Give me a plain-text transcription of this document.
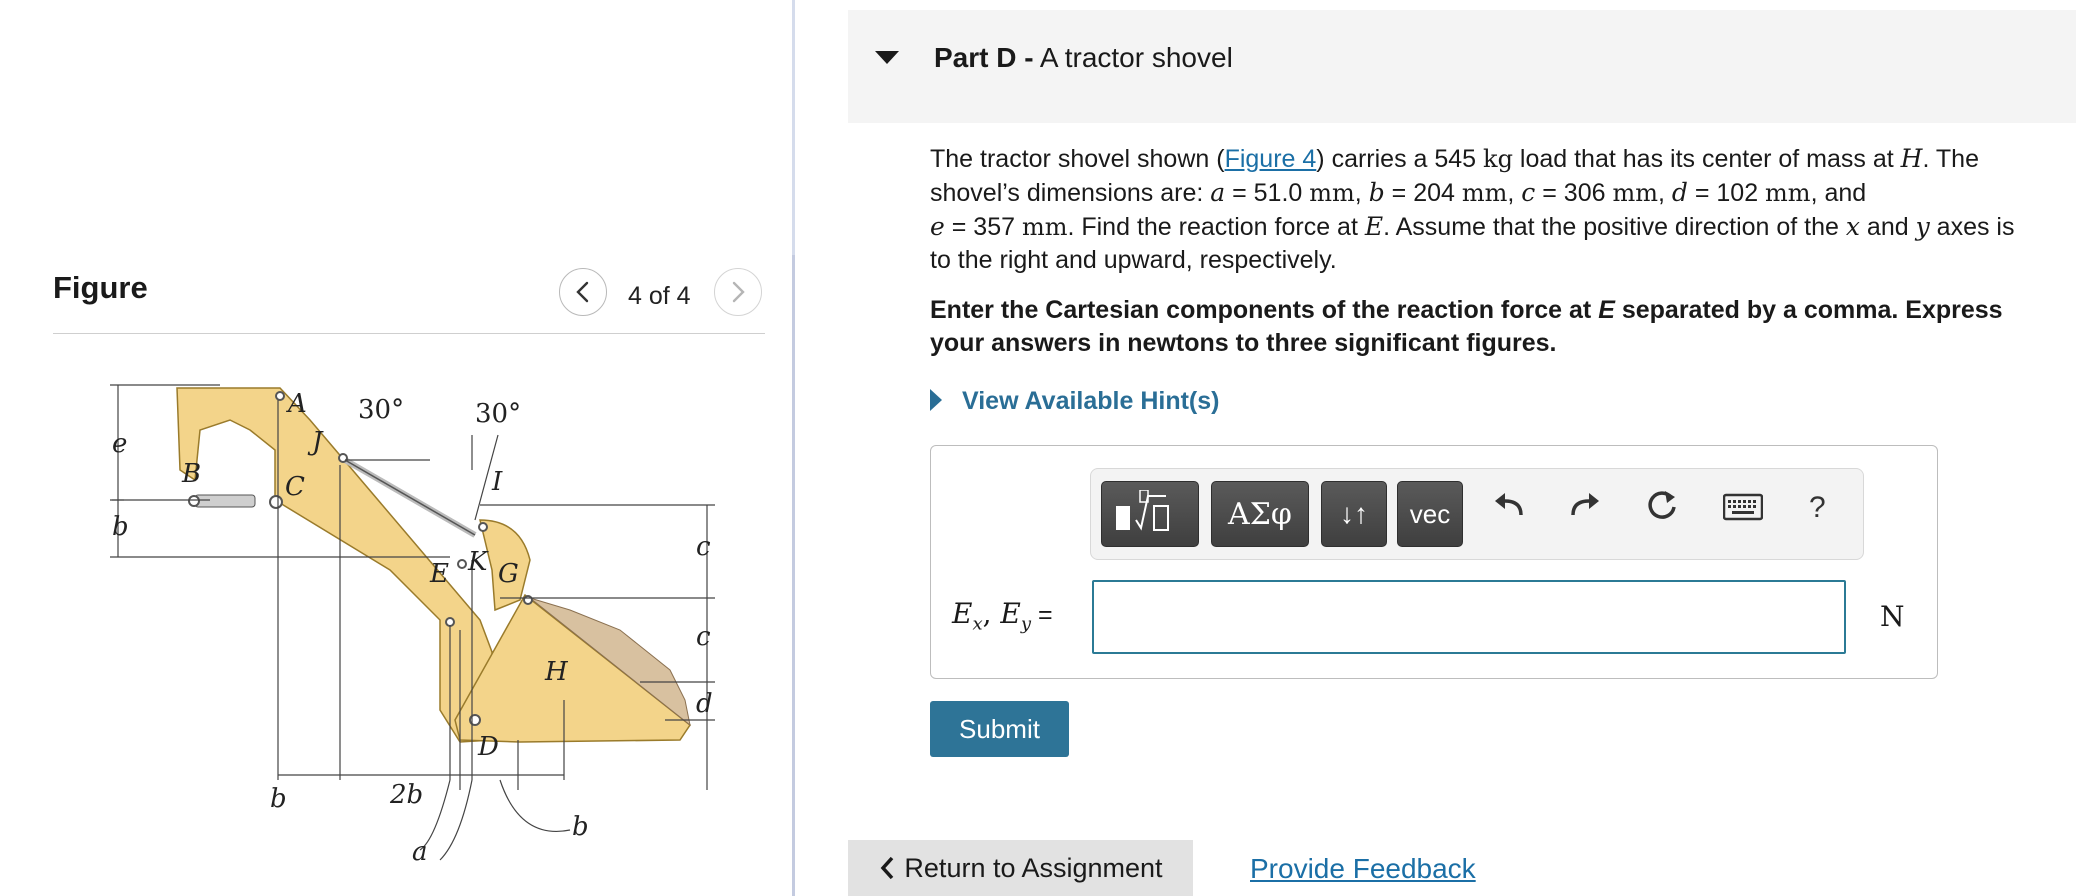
Figure	4 of 4
A
B	C
D
E G
H
I
J
K
30°	30°
e
b
c
c
d
b	2b
a
b
Part D - A tractor shovel
The tractor shovel shown (Figure 4) carries a 545 kg load that has its center of mass at H. The shovel’s dimensions are: a = 51.0 mm, b = 204 mm, c = 306 mm, d = 102 mm, and
e = 357 mm. Find the reaction force at E. Assume that the positive direction of the x and y axes is to the right and upward, respectively.
Enter the Cartesian components of the reaction force at E separated by a comma. Express your answers in newtons to three significant figures.
View Available Hint(s)
ΑΣφ	↓↑	vec	?
$E_x$, $E_y$ =	N
Submit
Return to Assignment	Provide Feedback
